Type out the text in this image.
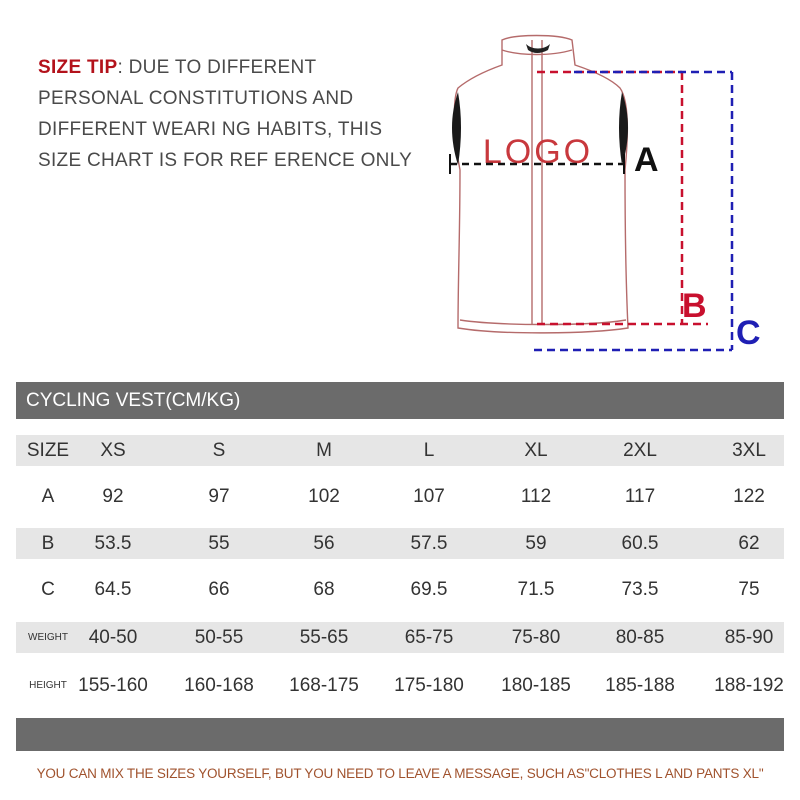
SIZE TIP: DUE TO DIFFERENT PERSONAL CONSTITUTIONS AND DIFFERENT WEARI NG HABITS, THIS SIZE CHART IS FOR REF ERENCE ONLY LOGO A
B
C
CYCLING VEST(CM/KG)
SIZE	XS	S	M	L	XL	2XL	3XL
A	92	97	102	107	112	117	122
B	53.5	55	56	57.5	59	60.5	62
C	64.5	66	68	69.5	71.5	73.5	75
WEIGHT	40-50	50-55	55-65	65-75	75-80	80-85	85-90
HEIGHT 155-160	160-168	168-175	175-180	180-185	185-188	188-192
YOU CAN MIX THE SIZES YOURSELF, BUT YOU NEED TO LEAVE A MESSAGE, SUCH AS"CLOTHES L AND PANTS XL"
